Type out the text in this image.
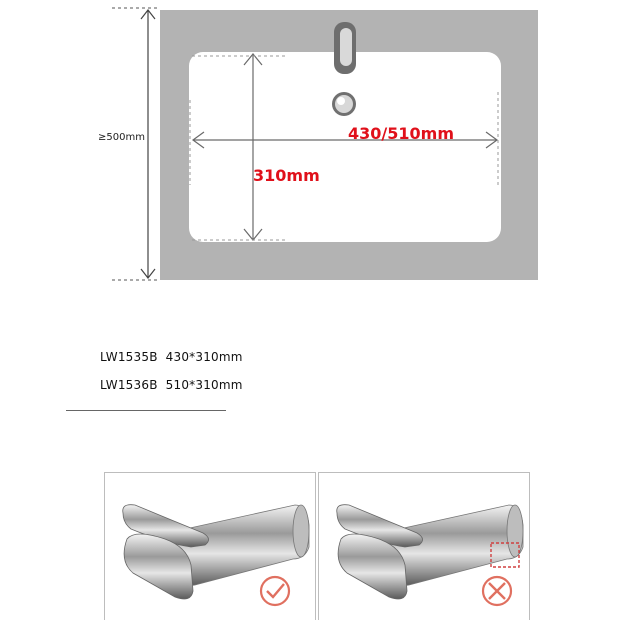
≥500mm	430/510mm
310mm
LW1535B 430*310mm
LW1536B 510*310mm
